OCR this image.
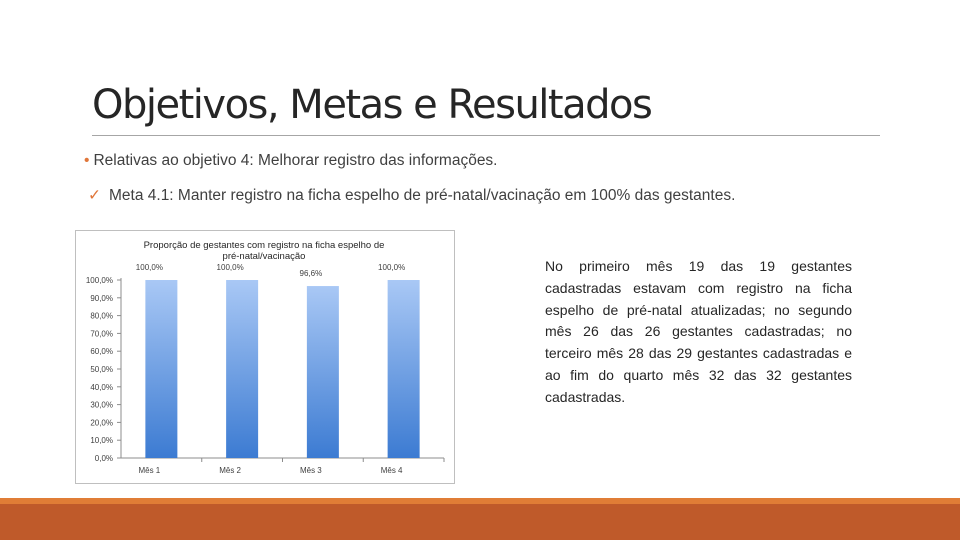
Objetivos, Metas e Resultados
• Relativas ao objetivo 4: Melhorar registro das informações.
✓ Meta 4.1: Manter registro na ficha espelho de pré-natal/vacinação em 100% das gestantes.
Proporção de gestantes com registro na ficha espelho de
pré-natal/vacinação
0,0%
10,0%
20,0%
30,0%
40,0%
50,0%
60,0%
70,0%
80,0%
90,0%
100,0%
100,0%
Mês 1
100,0%
Mês 2
96,6%
Mês 3
100,0%
Mês 4
No primeiro mês 19 das 19 gestantes cadastradas estavam com registro na ficha espelho de pré-natal atualizadas; no segundo mês 26 das 26 gestantes cadastradas; no terceiro mês 28 das 29 gestantes cadastradas e ao fim do quarto mês 32 das 32 gestantes cadastradas.
